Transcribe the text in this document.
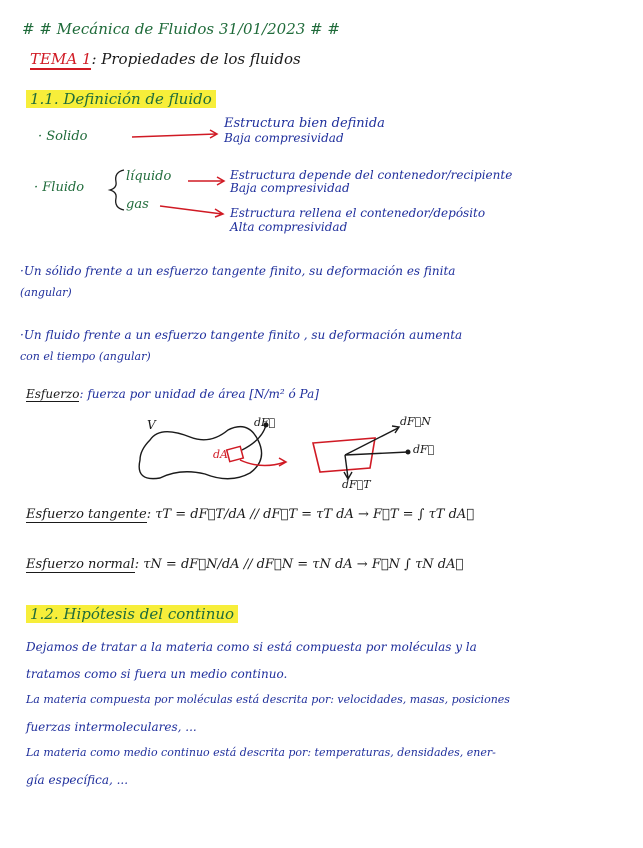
# # Mecánica de Fluidos 31/01/2023 # #
TEMA 1: Propiedades de los fluidos
1.1. Definición de fluido
· Solido
Estructura bien definida
Baja compresividad
· Fluido
líquido
gas
Estructura depende del contenedor/recipiente
Baja compresividad
Estructura rellena el contenedor/depósito
Alta compresividad
·Un sólido frente a un esfuerzo tangente finito, su deformación es finita
(angular)
·Un fluido frente a un esfuerzo tangente finito , su deformación aumenta
con el tiempo (angular)
Esfuerzo: fuerza por unidad de área [N/m² ó Pa]
V	dF⃗
dA
dF⃗N
dF⃗
dF⃗T
Esfuerzo tangente: τT = dF⃗T/dA // dF⃗T = τT dA → F⃗T = ∫ τT dA⃗
Esfuerzo normal: τN = dF⃗N/dA // dF⃗N = τN dA → F⃗N ∫ τN dA⃗
1.2. Hipótesis del continuo
Dejamos de tratar a la materia como si está compuesta por moléculas y la
tratamos como si fuera un medio continuo.
La materia compuesta por moléculas está descrita por: velocidades, masas, posiciones
fuerzas intermoleculares, ...
La materia como medio continuo está descrita por: temperaturas, densidades, ener-
gía específica, ...
